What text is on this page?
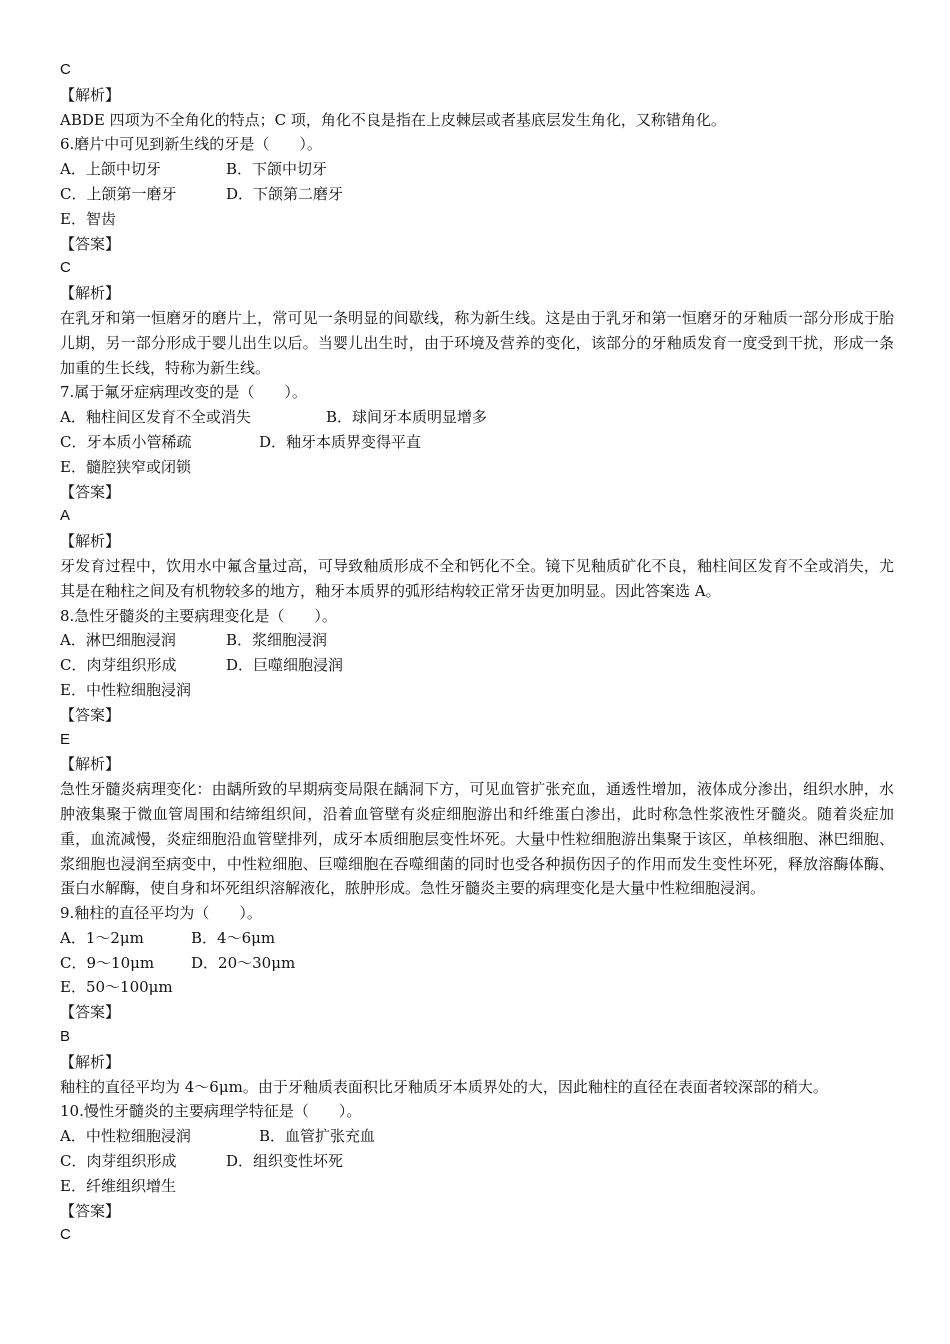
C
【解析】
ABDE 四项为不全角化的特点；C 项，角化不良是指在上皮棘层或者基底层发生角化，又称错角化。
6.磨片中可见到新生线的牙是（　　）。
A．上颌中切牙	B．下颌中切牙
C．上颌第一磨牙	D．下颌第二磨牙
E．智齿
【答案】
C
【解析】
在乳牙和第一恒磨牙的磨片上，常可见一条明显的间歇线，称为新生线。这是由于乳牙和第一恒磨牙的牙釉质一部分形成于胎儿期，另一部分形成于婴儿出生以后。当婴儿出生时，由于环境及营养的变化，该部分的牙釉质发育一度受到干扰，形成一条加重的生长线，特称为新生线。
7.属于氟牙症病理改变的是（　　）。
A．釉柱间区发育不全或消失	B．球间牙本质明显增多
C．牙本质小管稀疏	D．釉牙本质界变得平直
E．髓腔狭窄或闭锁
【答案】
A
【解析】
牙发育过程中，饮用水中氟含量过高，可导致釉质形成不全和钙化不全。镜下见釉质矿化不良，釉柱间区发育不全或消失，尤其是在釉柱之间及有机物较多的地方，釉牙本质界的弧形结构较正常牙齿更加明显。因此答案选 A。
8.急性牙髓炎的主要病理变化是（　　）。
A．淋巴细胞浸润	B．浆细胞浸润
C．肉芽组织形成	D．巨噬细胞浸润
E．中性粒细胞浸润
【答案】
E
【解析】
急性牙髓炎病理变化：由龋所致的早期病变局限在龋洞下方，可见血管扩张充血，通透性增加，液体成分渗出，组织水肿，水肿液集聚于微血管周围和结缔组织间，沿着血管壁有炎症细胞游出和纤维蛋白渗出，此时称急性浆液性牙髓炎。随着炎症加重，血流减慢，炎症细胞沿血管壁排列，成牙本质细胞层变性坏死。大量中性粒细胞游出集聚于该区，单核细胞、淋巴细胞、浆细胞也浸润至病变中，中性粒细胞、巨噬细胞在吞噬细菌的同时也受各种损伤因子的作用而发生变性坏死，释放溶酶体酶、蛋白水解酶，使自身和坏死组织溶解液化，脓肿形成。急性牙髓炎主要的病理变化是大量中性粒细胞浸润。
9.釉柱的直径平均为（　　）。
A．1～2μm	B．4～6μm
C．9～10μm	D．20～30μm
E．50～100μm
【答案】
B
【解析】
釉柱的直径平均为 4～6μm。由于牙釉质表面积比牙釉质牙本质界处的大，因此釉柱的直径在表面者较深部的稍大。
10.慢性牙髓炎的主要病理学特征是（　　）。
A．中性粒细胞浸润	B．血管扩张充血
C．肉芽组织形成	D．组织变性坏死
E．纤维组织增生
【答案】
C
